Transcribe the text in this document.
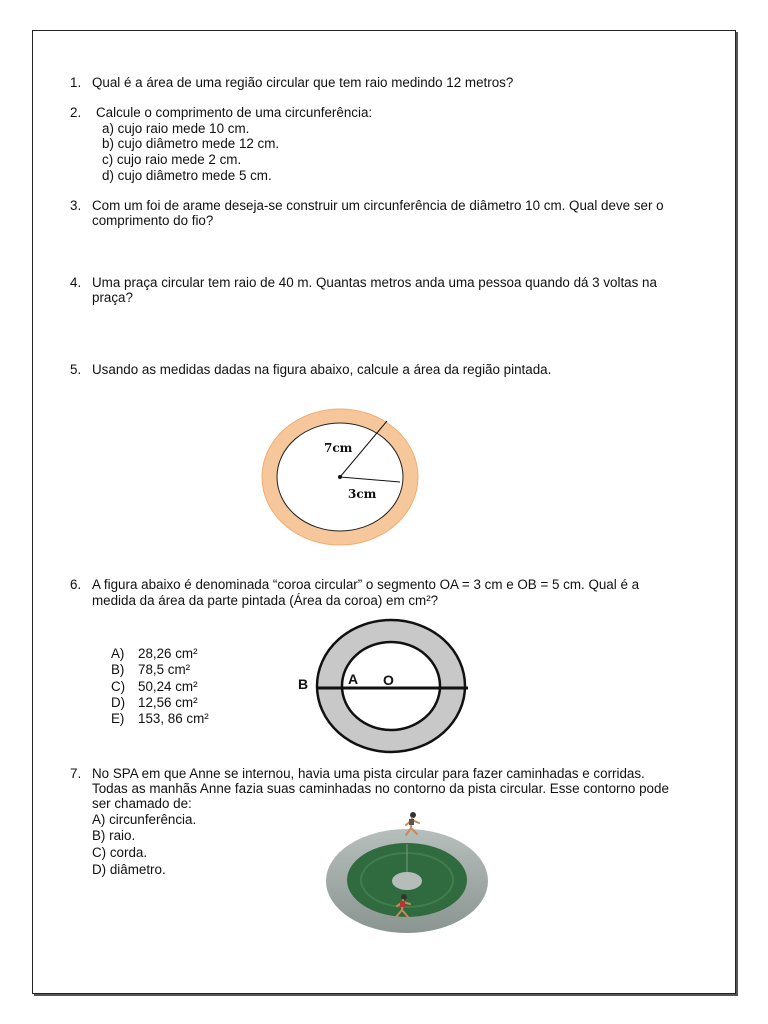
1. Qual é a área de uma região circular que tem raio medindo 12 metros?
2. Calcule o comprimento de uma circunferência:
a) cujo raio mede 10 cm.
b) cujo diâmetro mede 12 cm.
c) cujo raio mede 2 cm.
d) cujo diâmetro mede 5 cm.
3. Com um foi de arame deseja-se construir um circunferência de diâmetro 10 cm. Qual deve ser o
comprimento do fio?
4. Uma praça circular tem raio de 40 m. Quantas metros anda uma pessoa quando dá 3 voltas na
praça?
5. Usando as medidas dadas na figura abaixo, calcule a área da região pintada.
7cm
3cm
6. A figura abaixo é denominada “coroa circular” o segmento OA = 3 cm e OB = 5 cm. Qual é a
medida da área da parte pintada (Área da coroa) em cm²?
A) 28,26 cm²
B) 78,5 cm²
C) 50,24 cm²
D) 12,56 cm²
E) 153, 86 cm²
B	A O
7. No SPA em que Anne se internou, havia uma pista circular para fazer caminhadas e corridas.
Todas as manhãs Anne fazia suas caminhadas no contorno da pista circular. Esse contorno pode
ser chamado de:
A) circunferência.
B) raio.
C) corda.
D) diâmetro.
